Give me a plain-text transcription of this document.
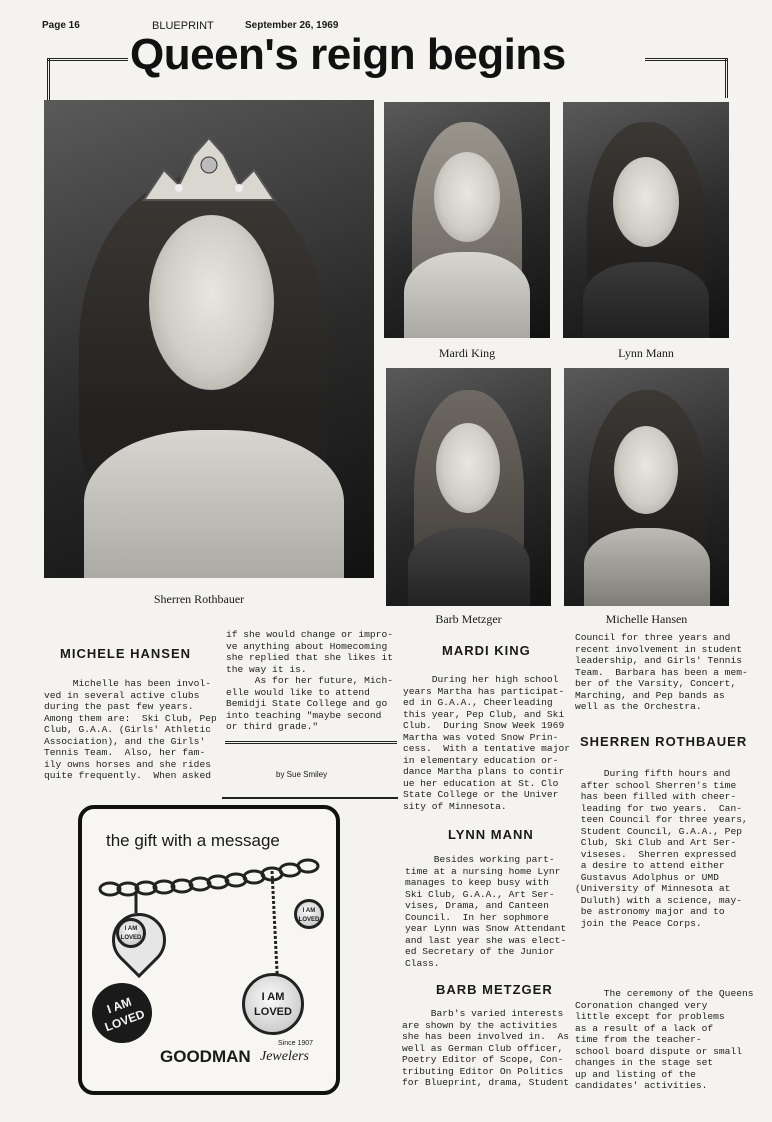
Page 16	BLUEPRINT	September 26, 1969
Queen's reign begins
Sherren Rothbauer
Mardi King	Lynn Mann
Barb Metzger	Michelle Hansen
MICHELE HANSEN
Michelle has been invol-
ved in several active clubs
during the past few years.
Among them are:  Ski Club, Pep
Club, G.A.A. (Girls' Athletic
Association), and the Girls'
Tennis Team.  Also, her fam-
ily owns horses and she rides
quite frequently.  When asked
if she would change or impro-
ve anything about Homecoming
she replied that she likes it
the way it is.
As for her future, Mich-
elle would like to attend
Bemidji State College and go
into teaching "maybe second
or third grade."
by Sue Smiley
MARDI KING
During her high school
years Martha has participat-
ed in G.A.A., Cheerleading
this year, Pep Club, and Ski
Club.  During Snow Week 1969
Martha was voted Snow Prin-
cess.  With a tentative major
in elementary education or-
dance Martha plans to contir
ue her education at St. Clo
State College or the Univer
sity of Minnesota.
LYNN MANN
Besides working part-
time at a nursing home Lynr
manages to keep busy with
Ski Club, G.A.A., Art Ser-
vises, Drama, and Canteen
Council.  In her sophmore
year Lynn was Snow Attendant
and last year she was elect-
ed Secretary of the Junior
Class.
BARB METZGER
Barb's varied interests
are shown by the activities
she has been involved in.  As
well as German Club officer,
Poetry Editor of Scope, Con-
tributing Editor On Politics
for Blueprint, drama, Student
Council for three years and
recent involvement in student
leadership, and Girls' Tennis
Team.  Barbara has been a mem-
ber of the Varsity, Concert,
Marching, and Pep bands as
well as the Orchestra.
SHERREN ROTHBAUER
During fifth hours and
after school Sherren's time
has been filled with cheer-
leading for two years.  Can-
teen Council for three years,
Student Council, G.A.A., Pep
Club, Ski Club and Art Ser-
viseses.  Sherren expressed
a desire to attend either
Gustavus Adolphus or UMD
(University of Minnesota at
Duluth) with a science, may-
be astronomy major and to
join the Peace Corps.
The ceremony of the Queens
Coronation changed very
little except for problems
as a result of a lack of
time from the teacher-
school board dispute or small
changes in the stage set
up and listing of the
candidates' activities.
the gift with a message
I AM LOVED
I AM LOVED
I AM LOVED
I AM LOVED
GOODMAN Jewelers
Since 1907
